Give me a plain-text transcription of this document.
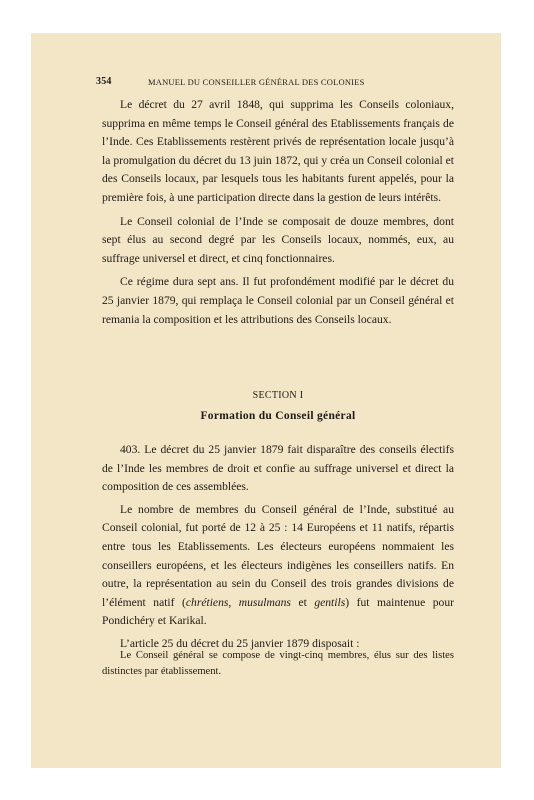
354	MANUEL DU CONSEILLER GÉNÉRAL DES COLONIES

Le décret du 27 avril 1848, qui supprima les Conseils coloniaux, supprima en même temps le Conseil général des Etablissements français de l’Inde. Ces Etablissements restèrent privés de représentation locale jusqu’à la promulgation du décret du 13 juin 1872, qui y créa un Conseil colonial et des Conseils locaux, par lesquels tous les habitants furent appelés, pour la première fois, à une participation directe dans la gestion de leurs intérêts.

Le Conseil colonial de l’Inde se composait de douze membres, dont sept élus au second degré par les Conseils locaux, nommés, eux, au suffrage universel et direct, et cinq fonctionnaires.

Ce régime dura sept ans. Il fut profondément modifié par le décret du 25 janvier 1879, qui remplaça le Conseil colonial par un Conseil général et remania la composition et les attributions des Conseils locaux.

SECTION I
Formation du Conseil général

403. Le décret du 25 janvier 1879 fait disparaître des conseils électifs de l’Inde les membres de droit et confie au suffrage universel et direct la composition de ces assemblées.

Le nombre de membres du Conseil général de l’Inde, substitué au Conseil colonial, fut porté de 12 à 25 : 14 Européens et 11 natifs, répartis entre tous les Etablissements. Les électeurs européens nommaient les conseillers européens, et les électeurs indigènes les conseillers natifs. En outre, la représentation au sein du Conseil des trois grandes divisions de l’élément natif (chrétiens, musulmans et gentils) fut maintenue pour Pondichéry et Karikal.

L’article 25 du décret du 25 janvier 1879 disposait :

Le Conseil général se compose de vingt-cinq membres, élus sur des listes distinctes par établissement.
